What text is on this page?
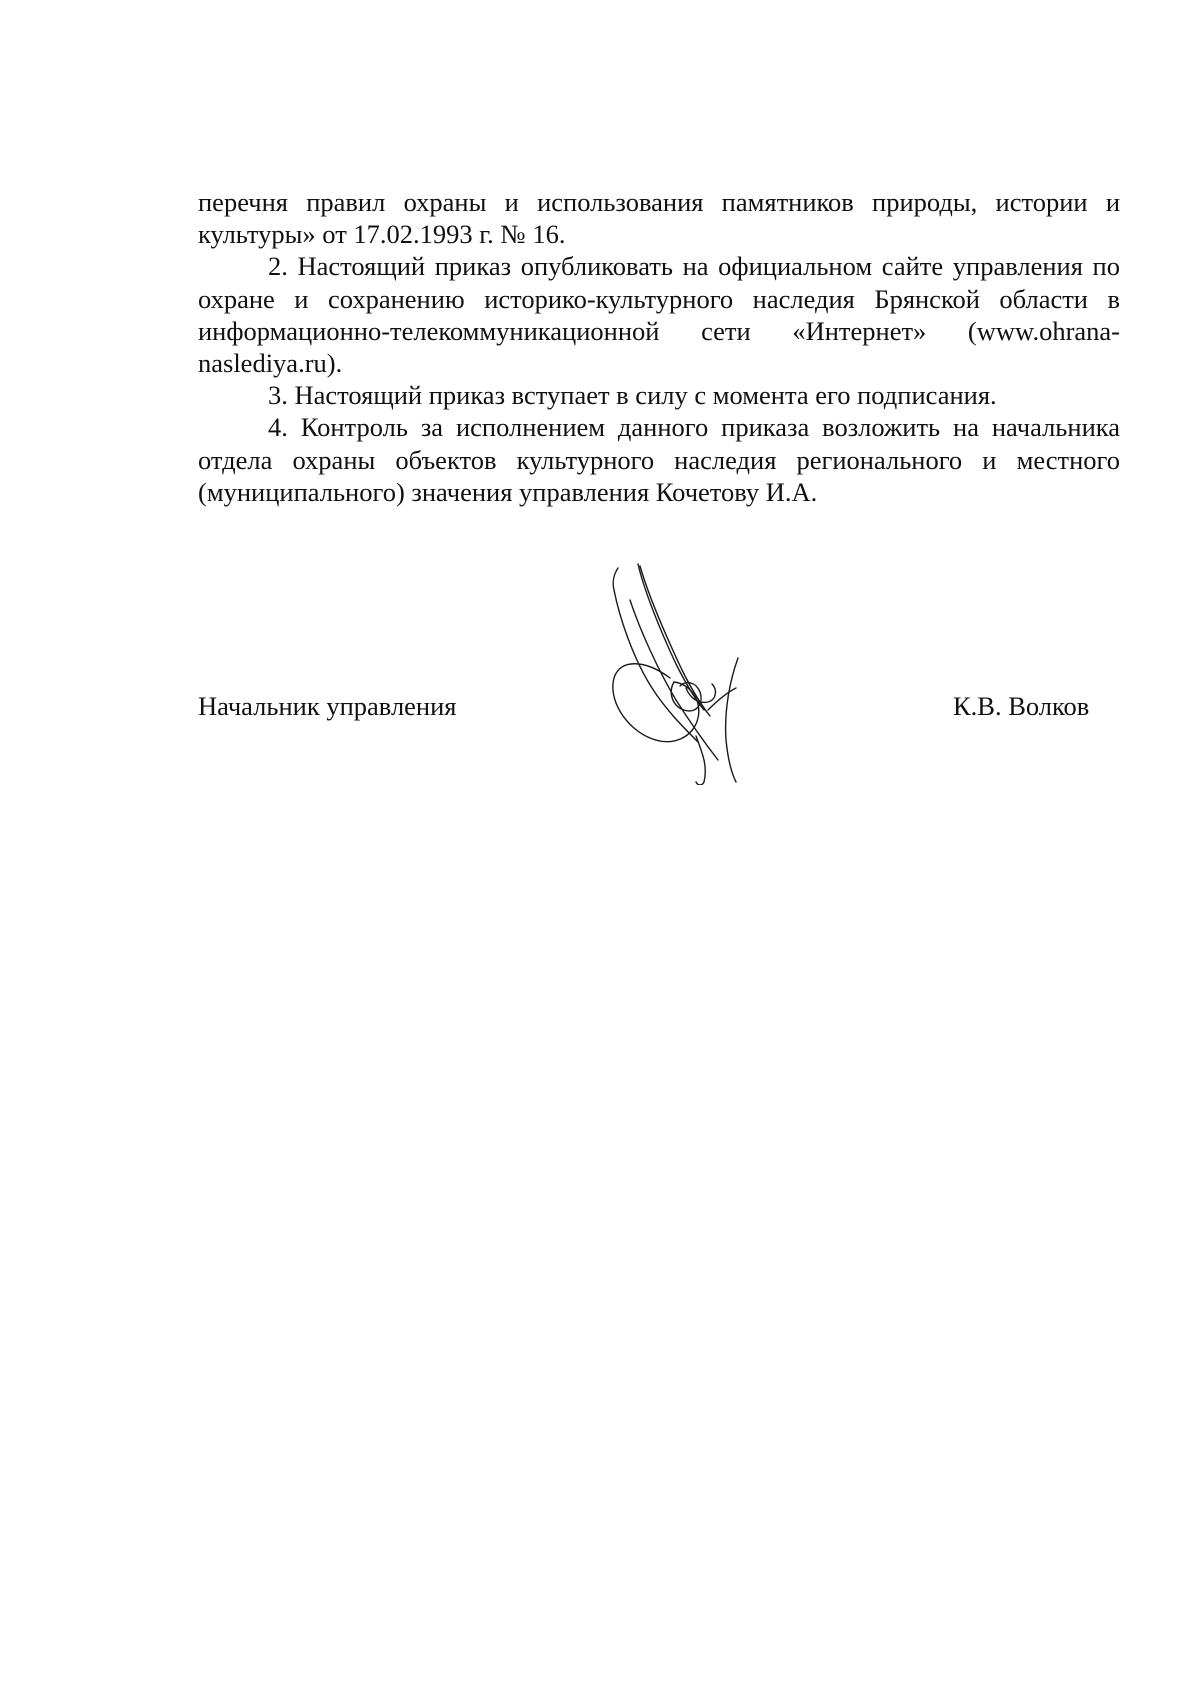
перечня правил охраны и использования памятников природы, истории и культуры» от 17.02.1993 г. № 16.

2. Настоящий приказ опубликовать на официальном сайте управления по охране и сохранению историко-культурного наследия Брянской области в информационно-телекоммуникационной сети «Интернет» (www.ohrana-naslediya.ru).

3. Настоящий приказ вступает в силу с момента его подписания.

4. Контроль за исполнением данного приказа возложить на начальника отдела охраны объектов культурного наследия регионального и местного (муниципального) значения управления Кочетову И.А.

Начальник управления	К.В. Волков
